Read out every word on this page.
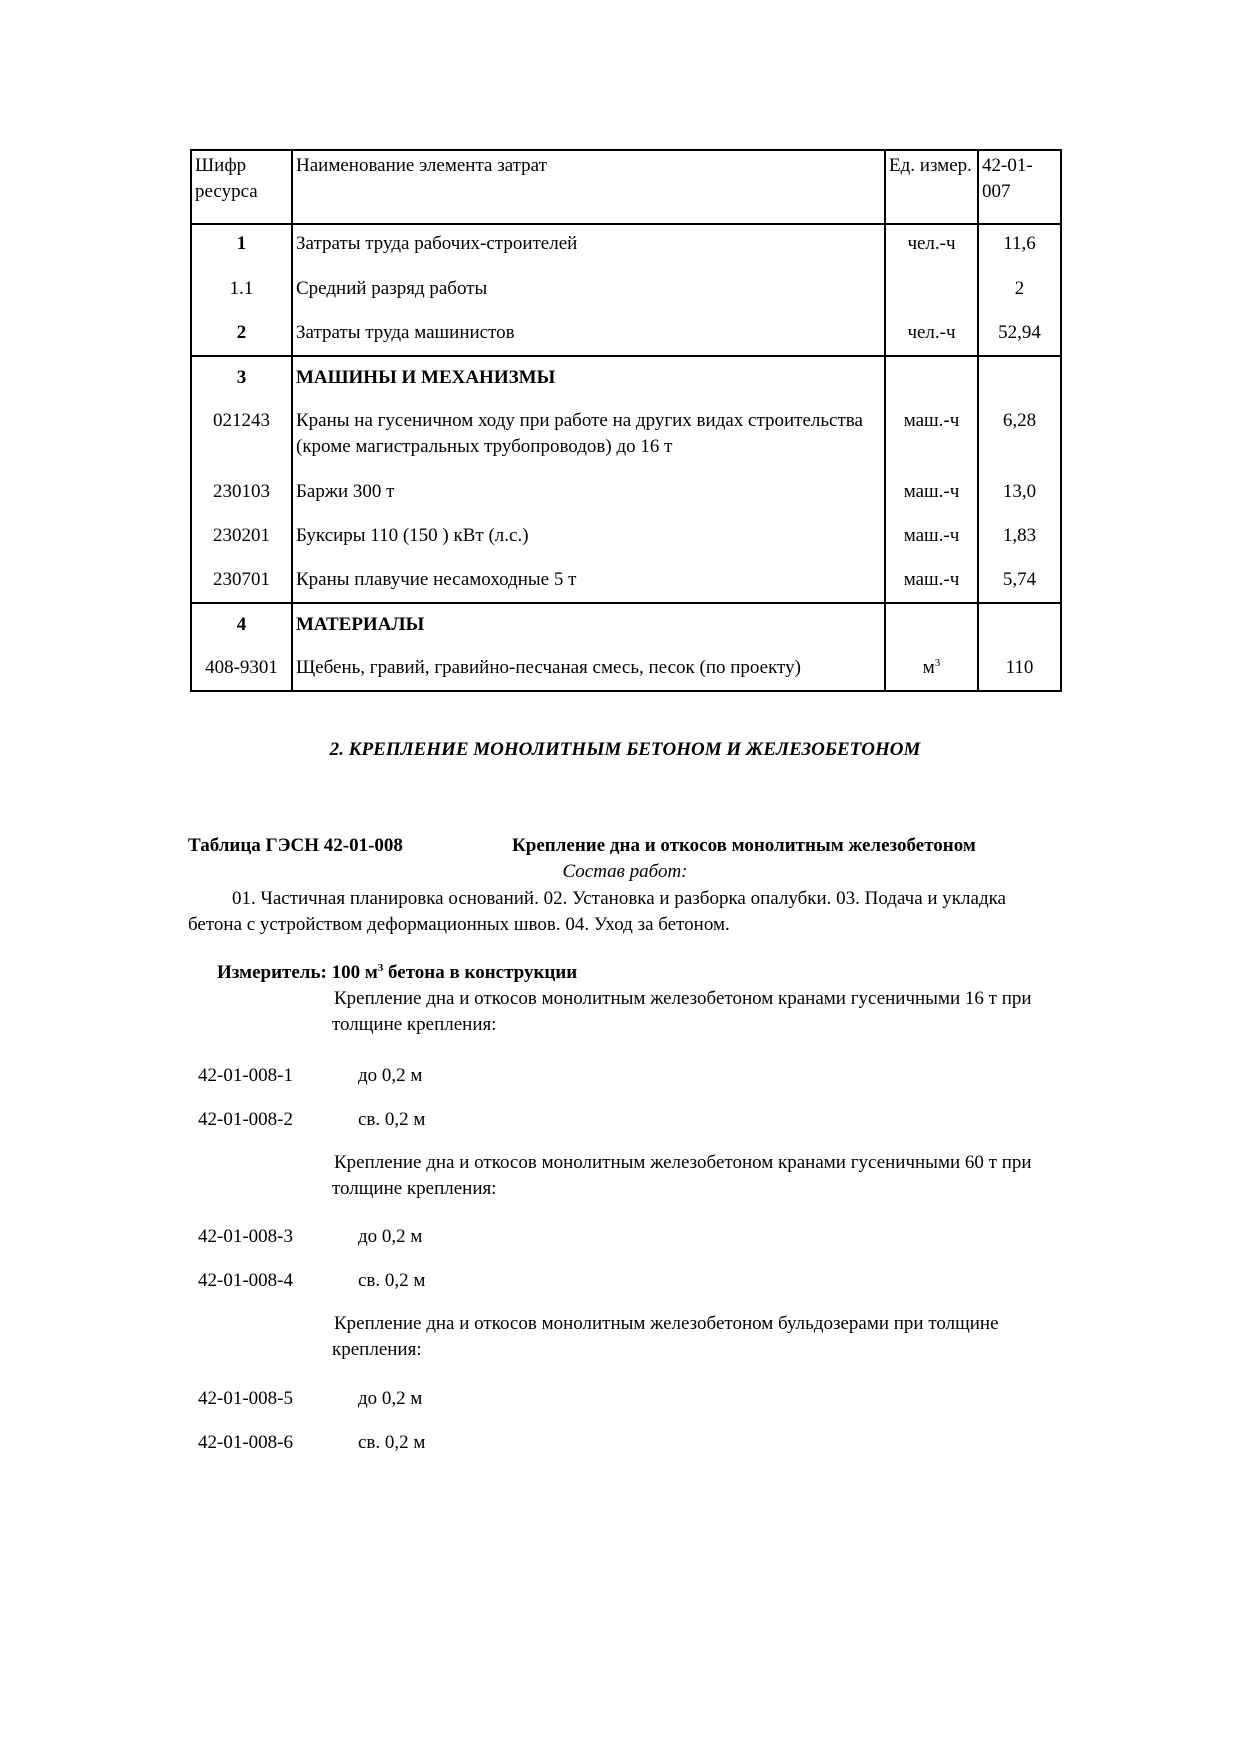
Шифр ресурса	Наименование элемента затрат	Ед. измер.	42-01-007
1	Затраты труда рабочих-строителей	чел.-ч	11,6
1.1	Средний разряд работы		2
2	Затраты труда машинистов	чел.-ч	52,94
3	МАШИНЫ И МЕХАНИЗМЫ		
021243	Краны на гусеничном ходу при работе на других видах строительства (кроме магистральных трубопроводов) до 16 т	маш.-ч	6,28
230103	Баржи 300 т	маш.-ч	13,0
230201	Буксиры 110 (150 ) кВт (л.с.)	маш.-ч	1,83
230701	Краны плавучие несамоходные 5 т	маш.-ч	5,74
4	МАТЕРИАЛЫ		
408-9301	Щебень, гравий, гравийно-песчаная смесь, песок (по проекту)	$м^3$	110
2. КРЕПЛЕНИЕ МОНОЛИТНЫМ БЕТОНОМ И ЖЕЛЕЗОБЕТОНОМ
Таблица ГЭСН 42-01-008	Крепление дна и откосов монолитным железобетоном
Состав работ:
01. Частичная планировка оснований. 02. Установка и разборка опалубки. 03. Подача и укладка бетона с устройством деформационных швов. 04. Уход за бетоном.
Измеритель: 100 $м^3$ бетона в конструкции
Крепление дна и откосов монолитным железобетоном кранами гусеничными 16 т при толщине крепления:
42-01-008-1	до 0,2 м
42-01-008-2	св. 0,2 м
Крепление дна и откосов монолитным железобетоном кранами гусеничными 60 т при толщине крепления:
42-01-008-3	до 0,2 м
42-01-008-4	св. 0,2 м
Крепление дна и откосов монолитным железобетоном бульдозерами при толщине крепления:
42-01-008-5	до 0,2 м
42-01-008-6	св. 0,2 м
